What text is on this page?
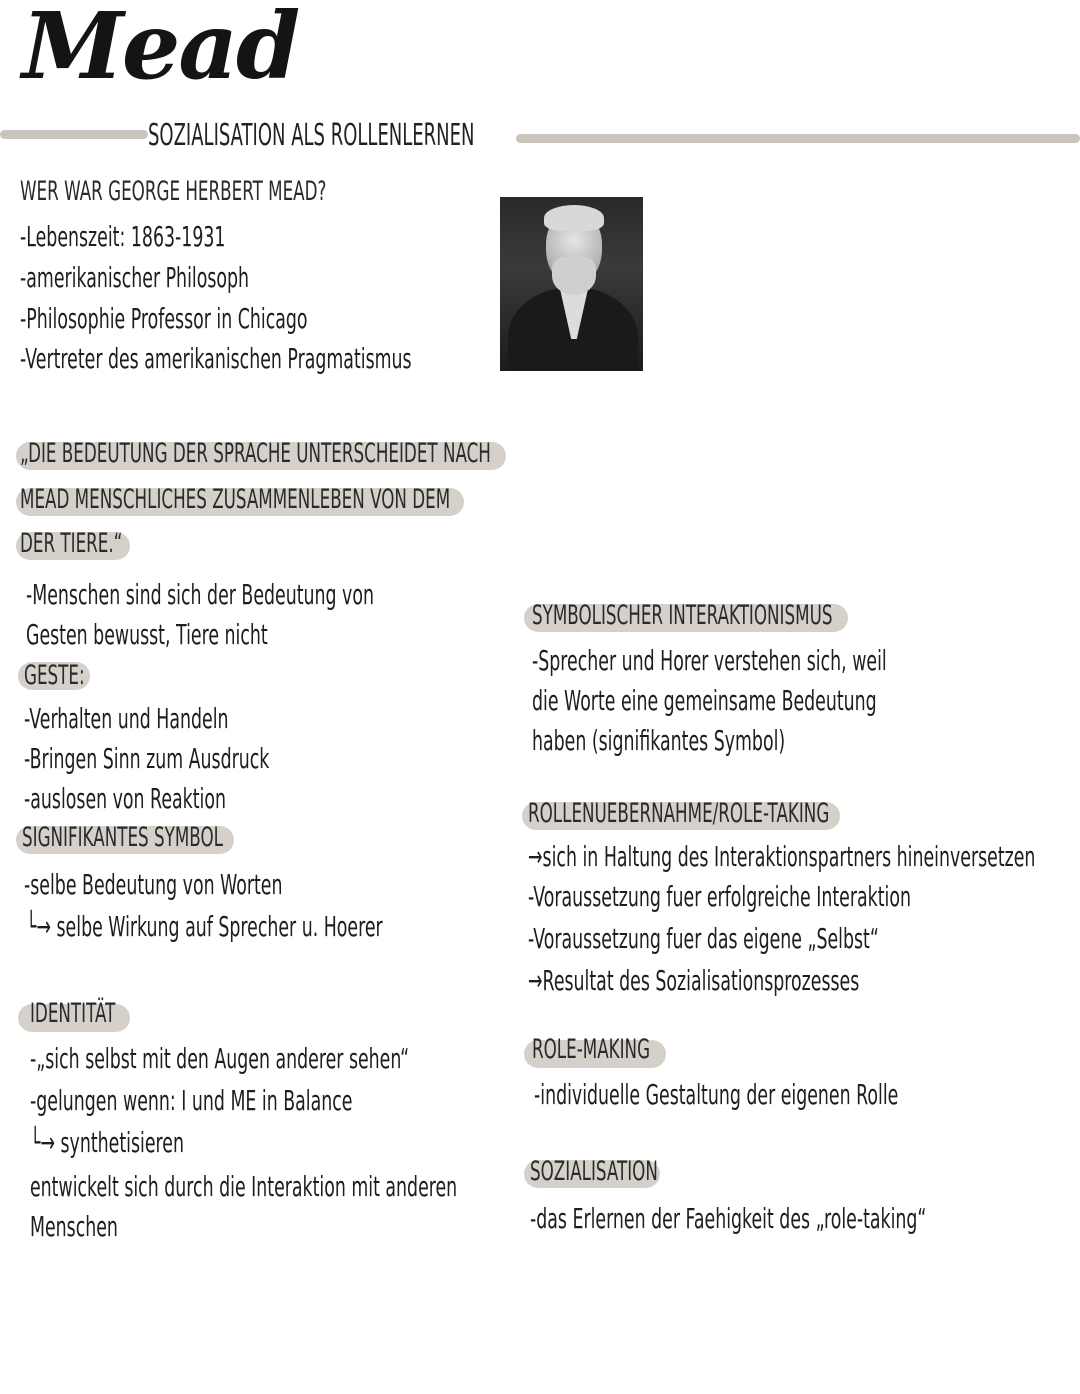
Mead
SOZIALISATION ALS ROLLENLERNEN
WER WAR GEORGE HERBERT MEAD?
-Lebenszeit: 1863-1931
-amerikanischer Philosoph
-Philosophie Professor in Chicago
-Vertreter des amerikanischen Pragmatismus
„DIE BEDEUTUNG DER SPRACHE UNTERSCHEIDET NACH
MEAD MENSCHLICHES ZUSAMMENLEBEN VON DEM
DER TIERE.“
-Menschen sind sich der Bedeutung von
Gesten bewusst, Tiere nicht
GESTE:
-Verhalten und Handeln
-Bringen Sinn zum Ausdruck
-auslosen von Reaktion
SIGNIFIKANTES SYMBOL
-selbe Bedeutung von Worten
└→ selbe Wirkung auf Sprecher u. Hoerer
IDENTITÄT
-„sich selbst mit den Augen anderer sehen“
-gelungen wenn: I und ME in Balance
└→ synthetisieren
entwickelt sich durch die Interaktion mit anderen
Menschen
SYMBOLISCHER INTERAKTIONISMUS
-Sprecher und Horer verstehen sich, weil
die Worte eine gemeinsame Bedeutung
haben (signifikantes Symbol)
ROLLENUEBERNAHME/ROLE-TAKING
→sich in Haltung des Interaktionspartners hineinversetzen
-Voraussetzung fuer erfolgreiche Interaktion
-Voraussetzung fuer das eigene „Selbst“
→Resultat des Sozialisationsprozesses
ROLE-MAKING
-individuelle Gestaltung der eigenen Rolle
SOZIALISATION
-das Erlernen der Faehigkeit des „role-taking“
